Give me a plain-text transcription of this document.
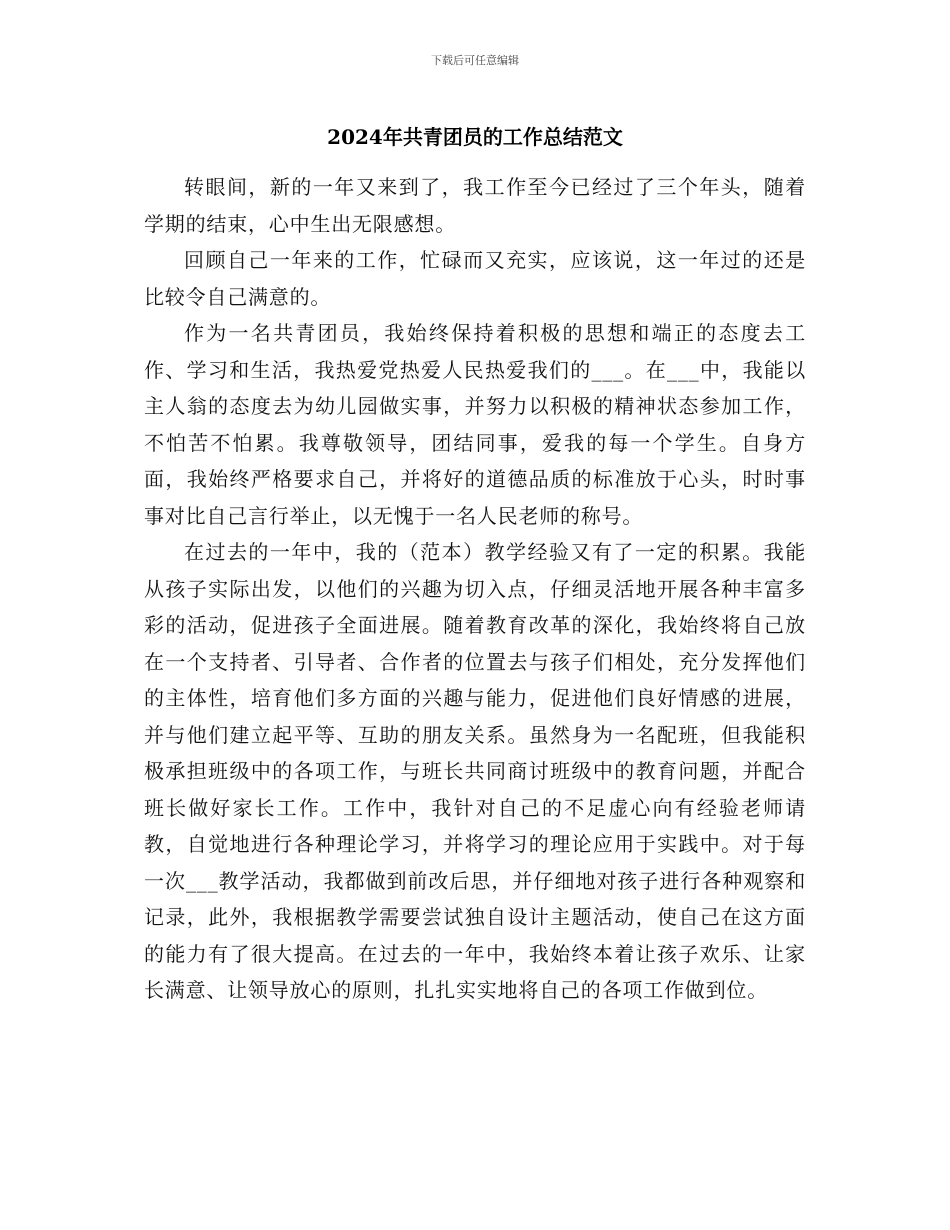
下载后可任意编辑
2024年共青团员的工作总结范文

转眼间，新的一年又来到了，我工作至今已经过了三个年头，随着学期的结束，心中生出无限感想。

回顾自己一年来的工作，忙碌而又充实，应该说，这一年过的还是比较令自己满意的。

作为一名共青团员，我始终保持着积极的思想和端正的态度去工作、学习和生活，我热爱党热爱人民热爱我们的___。在___中，我能以主人翁的态度去为幼儿园做实事，并努力以积极的精神状态参加工作，不怕苦不怕累。我尊敬领导，团结同事，爱我的每一个学生。自身方面，我始终严格要求自己，并将好的道德品质的标准放于心头，时时事事对比自己言行举止，以无愧于一名人民老师的称号。

在过去的一年中，我的（范本）教学经验又有了一定的积累。我能从孩子实际出发，以他们的兴趣为切入点，仔细灵活地开展各种丰富多彩的活动，促进孩子全面进展。随着教育改革的深化，我始终将自己放在一个支持者、引导者、合作者的位置去与孩子们相处，充分发挥他们的主体性，培育他们多方面的兴趣与能力，促进他们良好情感的进展，并与他们建立起平等、互助的朋友关系。虽然身为一名配班，但我能积极承担班级中的各项工作，与班长共同商讨班级中的教育问题，并配合班长做好家长工作。工作中，我针对自己的不足虚心向有经验老师请教，自觉地进行各种理论学习，并将学习的理论应用于实践中。对于每一次___教学活动，我都做到前改后思，并仔细地对孩子进行各种观察和记录，此外，我根据教学需要尝试独自设计主题活动，使自己在这方面的能力有了很大提高。在过去的一年中，我始终本着让孩子欢乐、让家长满意、让领导放心的原则，扎扎实实地将自己的各项工作做到位。
